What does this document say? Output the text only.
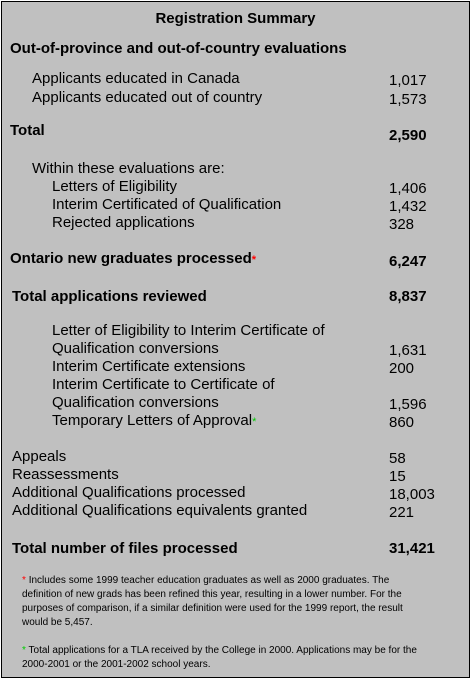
Registration Summary
Out-of-province and out-of-country evaluations
Applicants educated in Canada	1,017
Applicants educated out of country	1,573
Total	2,590
Within these evaluations are:
Letters of Eligibility	1,406
Interim Certificated of Qualification	1,432
Rejected applications	328
Ontario new graduates processed*	6,247
Total applications reviewed	8,837
Letter of Eligibility to Interim Certificate of
Qualification conversions	1,631
Interim Certificate extensions	200
Interim Certificate to Certificate of
Qualification conversions	1,596
Temporary Letters of Approval*	860
Appeals	58
Reassessments	15
Additional Qualifications processed	18,003
Additional Qualifications equivalents granted	221
Total number of files processed	31,421
* Includes some 1999 teacher education graduates as well as 2000 graduates. The definition of new grads has been refined this year, resulting in a lower number. For the purposes of comparison, if a similar definition were used for the 1999 report, the result would be 5,457.
* Total applications for a TLA received by the College in 2000. Applications may be for the 2000-2001 or the 2001-2002 school years.
